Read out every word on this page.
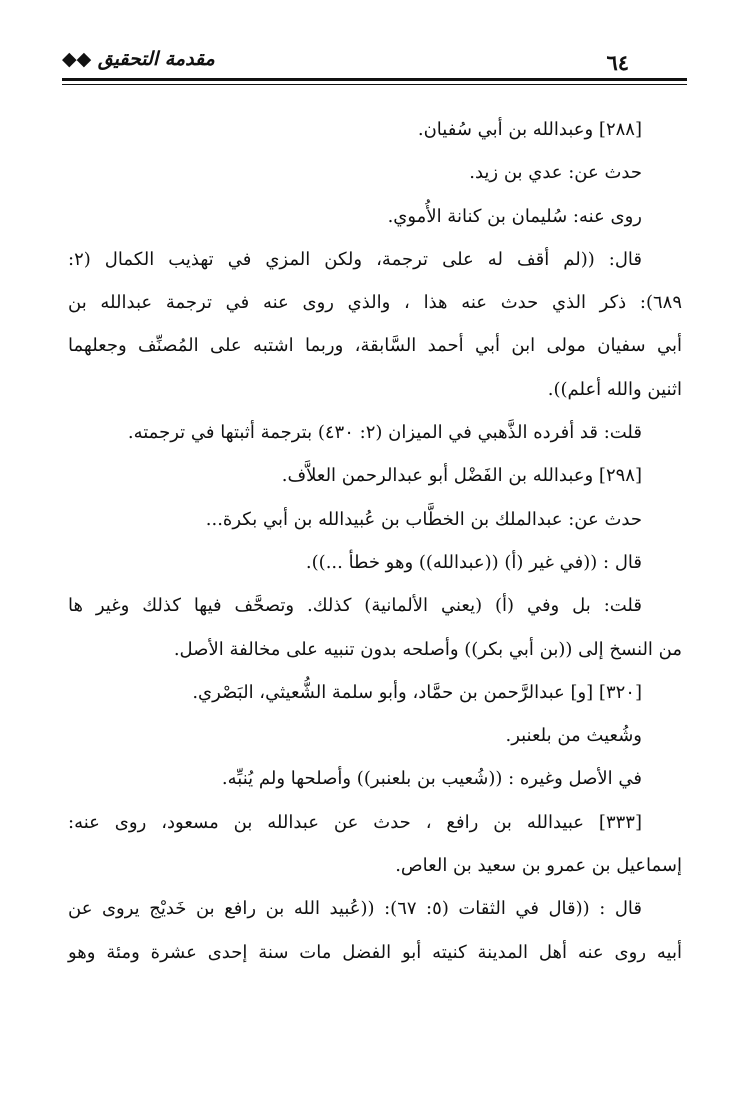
مقدمة التحقيق ◆◆	٦٤
[٢٨٨] وعبدالله بن أبي سُفيان.
حدث عن: عدي بن زيد.
روى عنه: سُليمان بن كنانة الأُموي.
قال: ((لم أقف له على ترجمة، ولكن المزي في تهذيب الكمال (٢:
٦٨٩): ذكر الذي حدث عنه هذا ، والذي روى عنه في ترجمة عبدالله بن
أبي سفيان مولى ابن أبي أحمد السَّابقة، وربما اشتبه على المُصنِّف وجعلهما
اثنين والله أعلم)).
قلت: قد أفرده الذَّهبي في الميزان (٢: ٤٣٠) بترجمة أثبتها في ترجمته.
[٢٩٨] وعبدالله بن الفَضْل أبو عبدالرحمن العلاَّف.
حدث عن: عبدالملك بن الخطَّاب بن عُبيدالله بن أبي بكرة...
قال : ((في غير (أ) ((عبدالله)) وهو خطأ ...)).
قلت: بل وفي (أ) (يعني الألمانية) كذلك. وتصحَّف فيها كذلك وغير ها
من النسخ إلى ((بن أبي بكر)) وأصلحه بدون تنبيه على مخالفة الأصل.
[٣٢٠] [و] عبدالرَّحمن بن حمَّاد، وأبو سلمة الشُّعيثي، البَصْري.
وشُعيث من بلعنبر.
في الأصل وغيره : ((شُعيب بن بلعنبر)) وأصلحها ولم يُنبِّه.
[٣٣٣] عبيدالله بن رافع ، حدث عن عبدالله بن مسعود، روى عنه:
إسماعيل بن عمرو بن سعيد بن العاص.
قال : ((قال في الثقات (٥: ٦٧): ((عُبيد الله بن رافع بن خَديْج يروى عن
أبيه روى عنه أهل المدينة كنيته أبو الفضل مات سنة إحدى عشرة ومئة وهو
